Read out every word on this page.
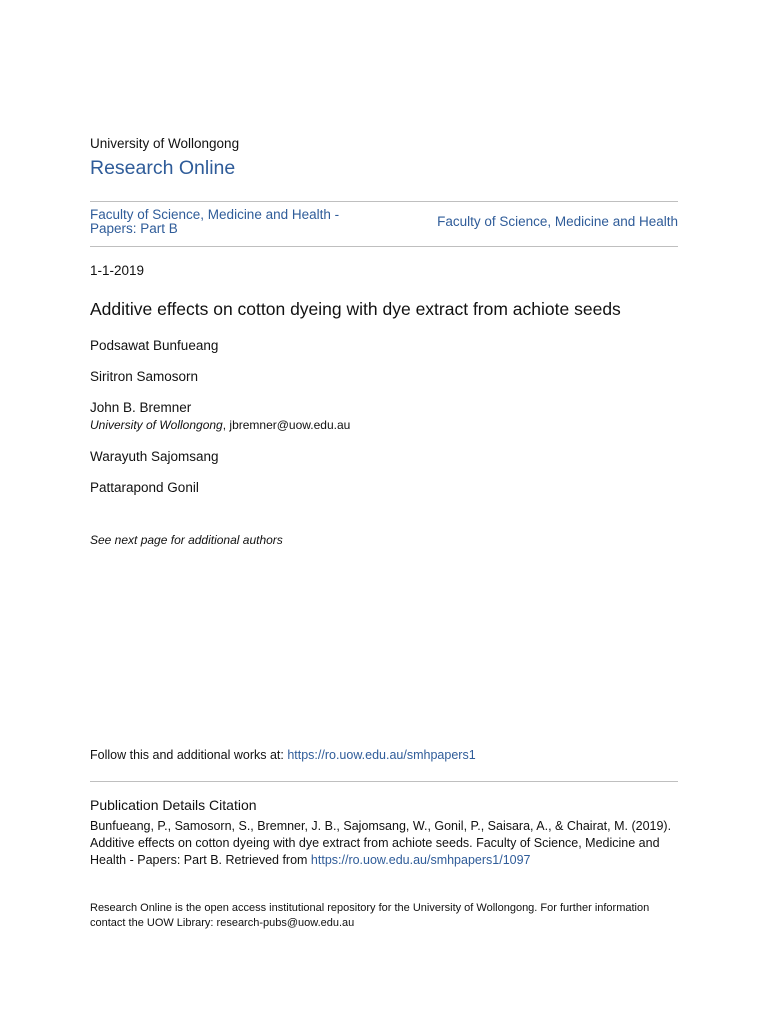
University of Wollongong
Research Online
Faculty of Science, Medicine and Health -
Papers: Part B	Faculty of Science, Medicine and Health
1-1-2019
Additive effects on cotton dyeing with dye extract from achiote seeds
Podsawat Bunfueang
Siritron Samosorn
John B. Bremner
University of Wollongong, jbremner@uow.edu.au
Warayuth Sajomsang
Pattarapond Gonil
See next page for additional authors
Follow this and additional works at: https://ro.uow.edu.au/smhpapers1
Publication Details Citation
Bunfueang, P., Samosorn, S., Bremner, J. B., Sajomsang, W., Gonil, P., Saisara, A., & Chairat, M. (2019).
Additive effects on cotton dyeing with dye extract from achiote seeds. Faculty of Science, Medicine and
Health - Papers: Part B. Retrieved from https://ro.uow.edu.au/smhpapers1/1097
Research Online is the open access institutional repository for the University of Wollongong. For further information
contact the UOW Library: research-pubs@uow.edu.au
